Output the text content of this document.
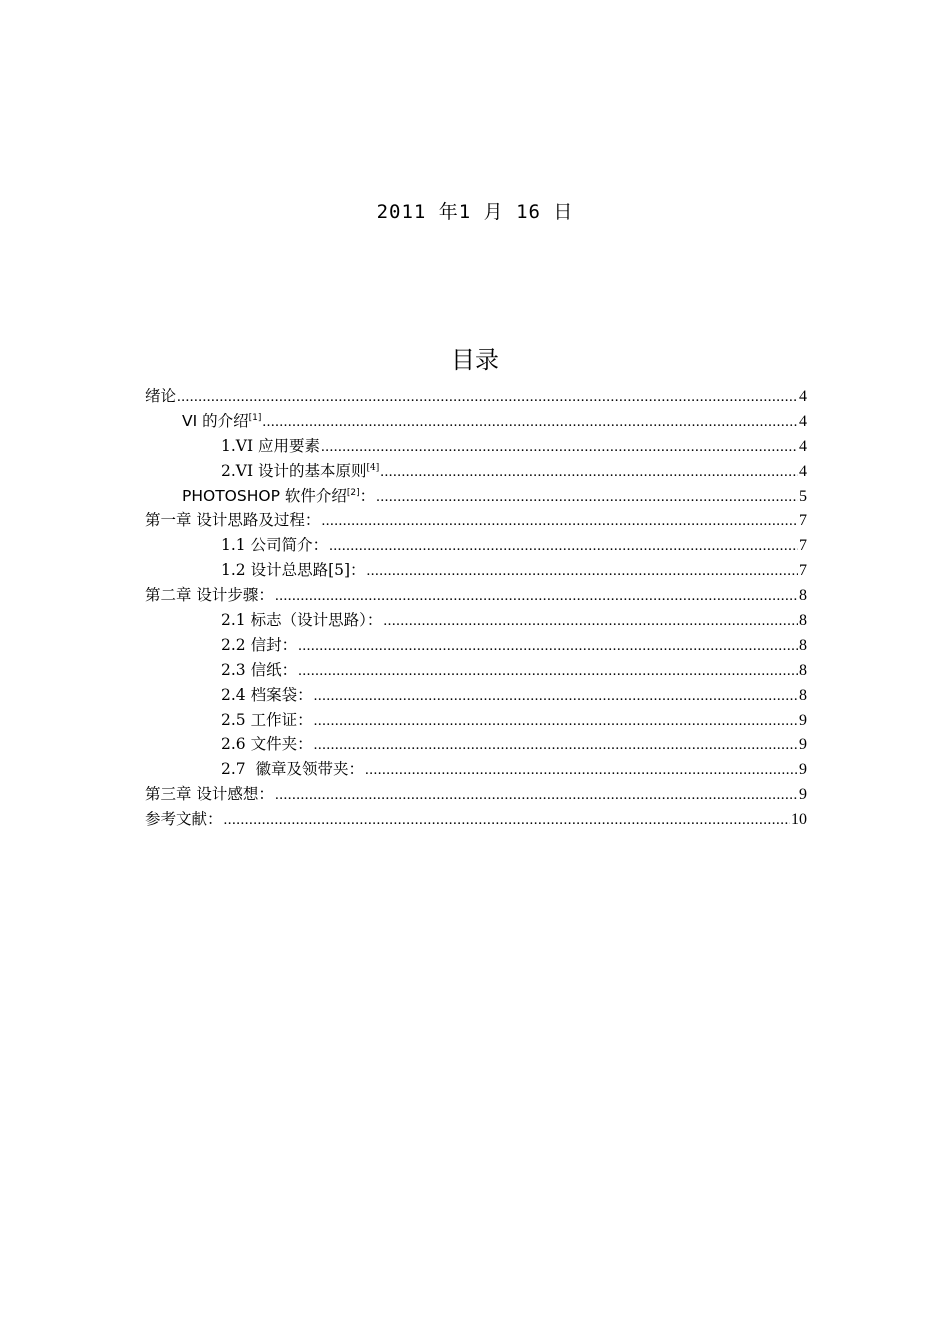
2011 年1 月 16 日
目录
绪论 .....	4
VI 的介绍[1] .....	4
1.VI 应用要素 .....	4
2.VI 设计的基本原则[4] .....	4
PHOTOSHOP 软件介绍[2]： .....	5
第一章 设计思路及过程： .....	7
1.1 公司简介： .....	7
1.2 设计总思路[5]： .....	7
第二章 设计步骤： .....	8
2.1 标志（设计思路）： .....	8
2.2 信封： .....	8
2.3 信纸： .....	8
2.4 档案袋： .....	8
2.5 工作证： .....	9
2.6 文件夹： .....	9
2.7  徽章及领带夹： .....	9
第三章 设计感想： .....	9
参考文献： .....	10
